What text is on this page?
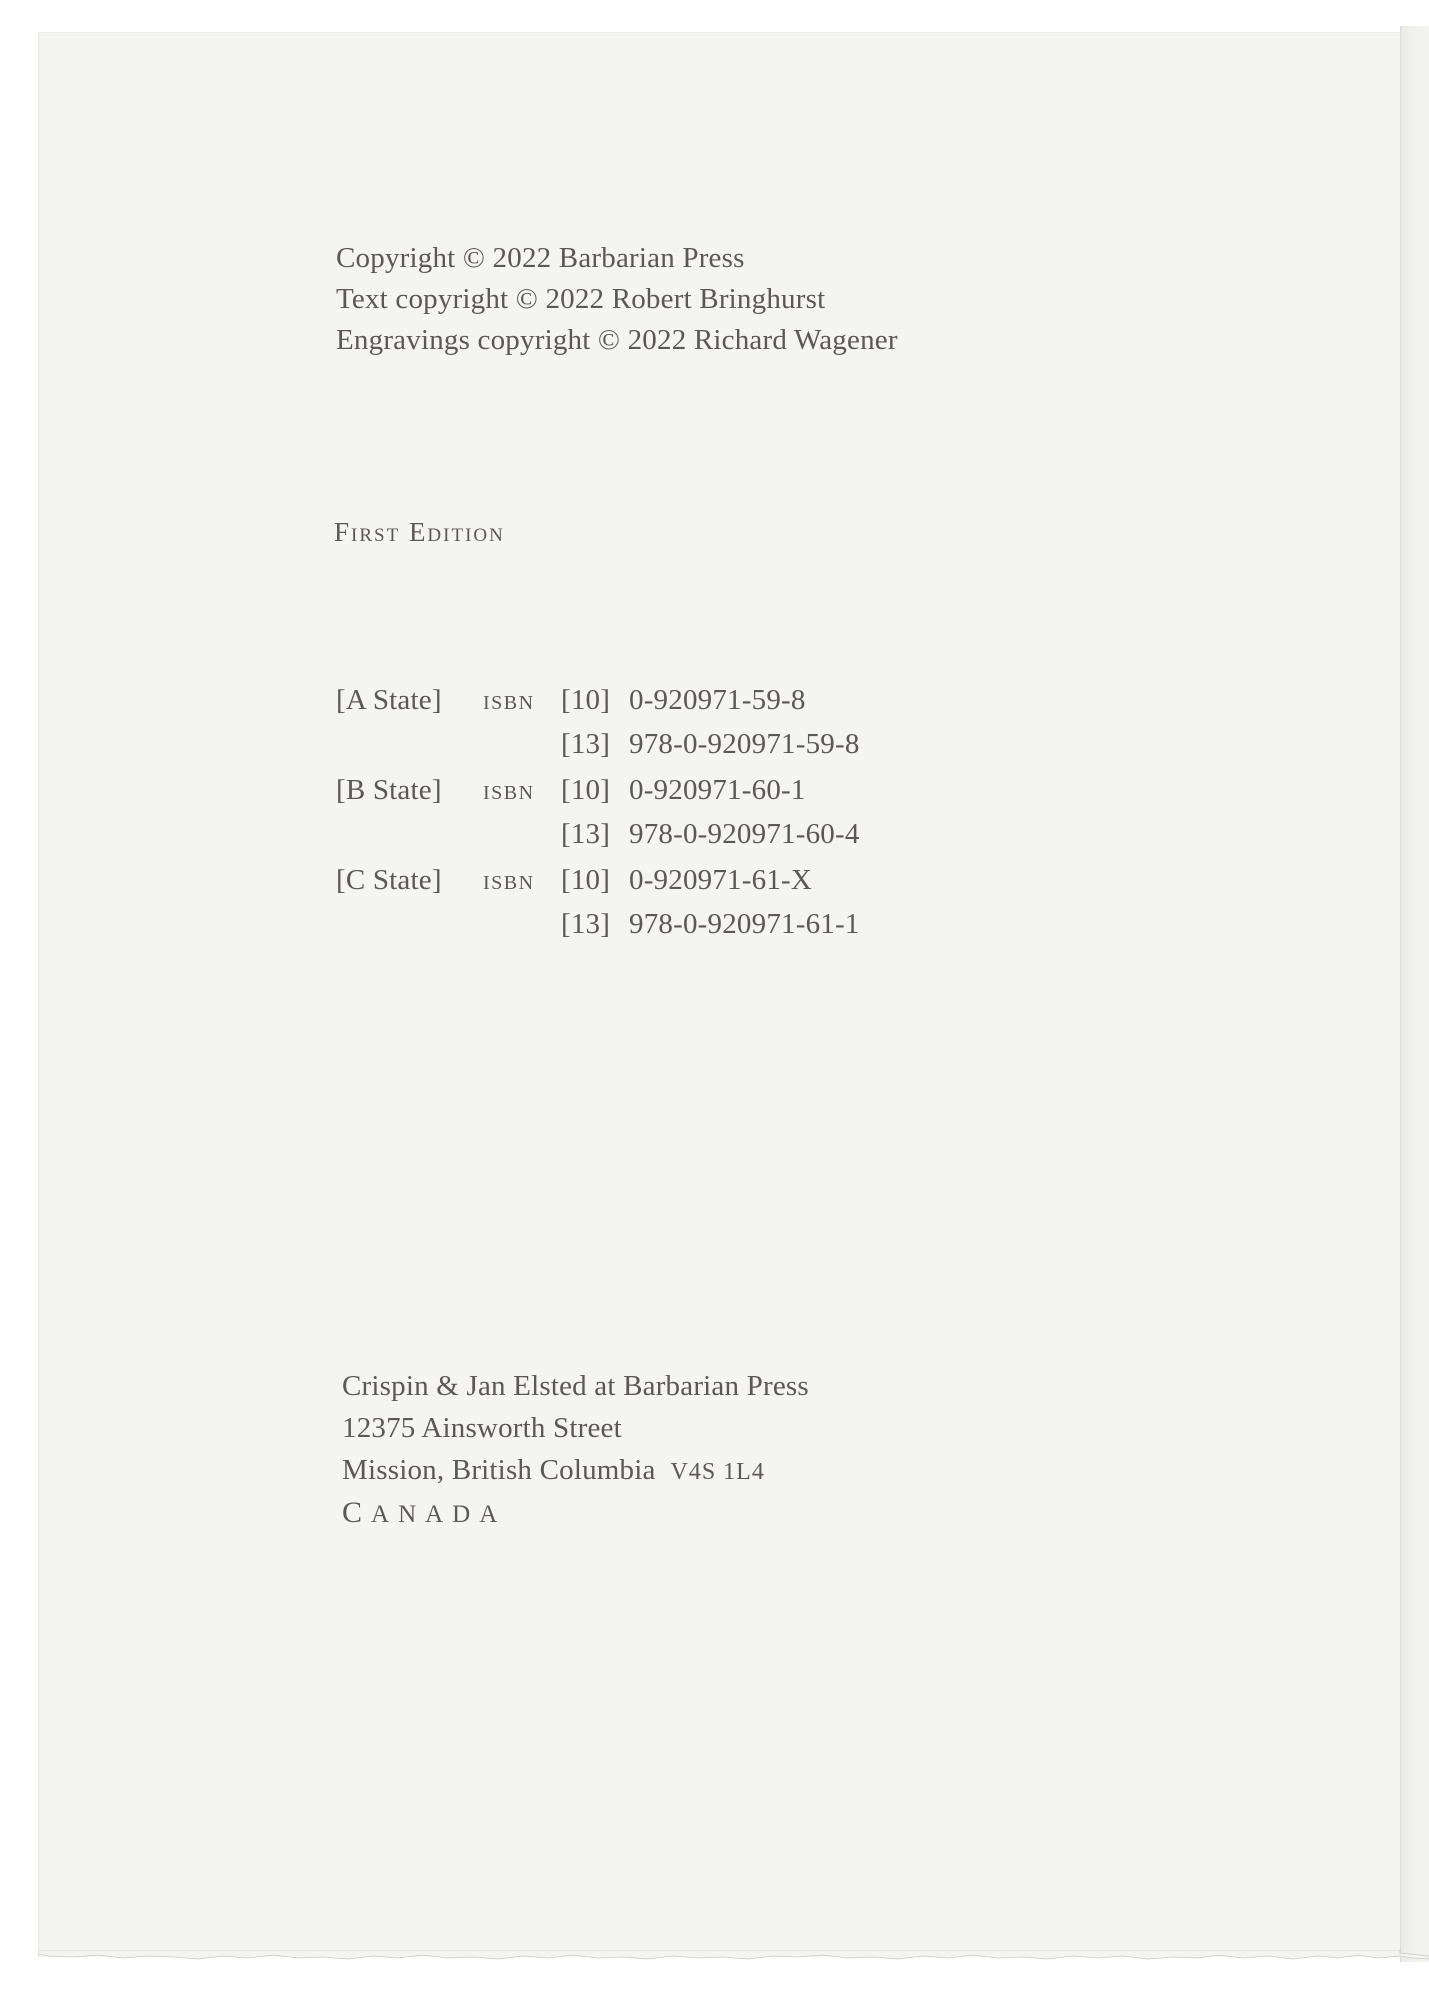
Copyright © 2022 Barbarian Press
Text copyright © 2022 Robert Bringhurst
Engravings copyright © 2022 Richard Wagener
First Edition
[A State]	ISBN [10] 0-920971-59-8
[13] 978-0-920971-59-8
[B State]	ISBN [10] 0-920971-60-1
[13] 978-0-920971-60-4
[C State]	ISBN [10] 0-920971-61-X
[13] 978-0-920971-61-1
Crispin & Jan Elsted at Barbarian Press
12375 Ainsworth Street
Mission, British Columbia V4S 1L4
CANADA
